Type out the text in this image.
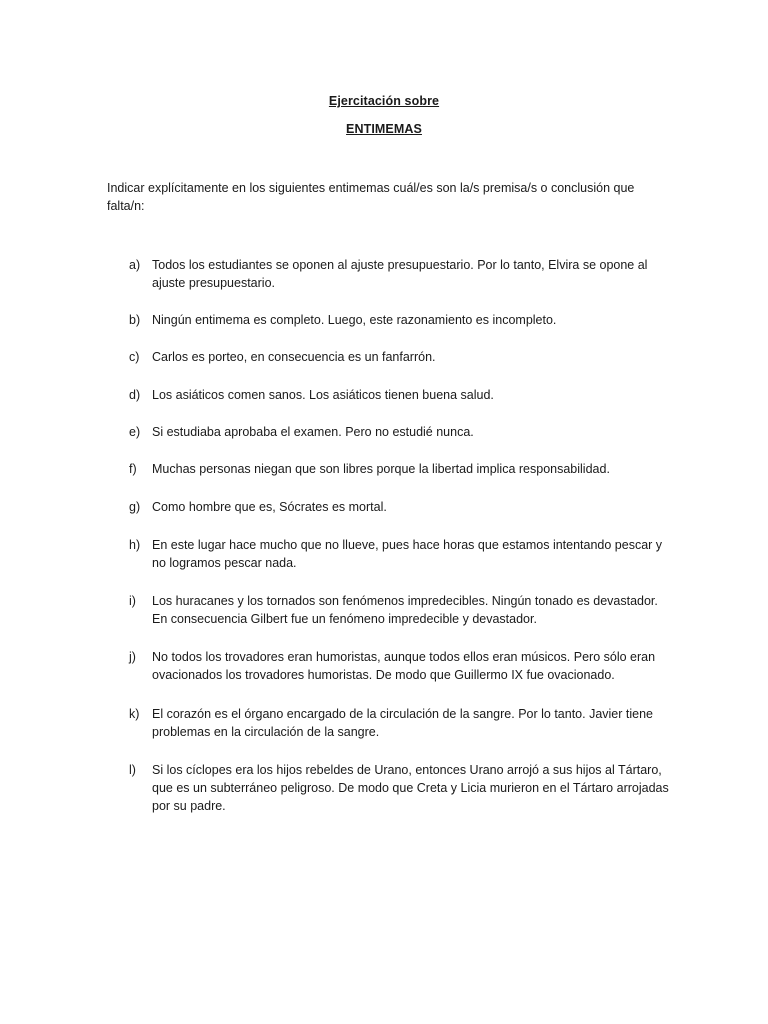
Ejercitación sobre
ENTIMEMAS
Indicar explícitamente en los siguientes entimemas cuál/es son la/s premisa/s o conclusión que falta/n:
a) Todos los estudiantes se oponen al ajuste presupuestario. Por lo tanto, Elvira se opone al ajuste presupuestario.
b) Ningún entimema es completo. Luego, este razonamiento es incompleto.
c)	Carlos es porteo, en consecuencia es un fanfarrón.
d) Los asiáticos comen sanos. Los asiáticos tienen buena salud.
e) Si estudiaba aprobaba el examen. Pero no estudié nunca.
f)	Muchas personas niegan que son libres porque la libertad implica responsabilidad.
g) Como hombre que es, Sócrates es mortal.
h) En este lugar hace mucho que no llueve, pues hace horas que estamos intentando pescar y no logramos pescar nada.
i)	Los huracanes y los tornados son fenómenos impredecibles. Ningún tonado es devastador. En consecuencia Gilbert fue un fenómeno impredecible y devastador.
j)	No todos los trovadores eran humoristas, aunque todos ellos eran músicos. Pero sólo eran ovacionados los trovadores humoristas. De modo que Guillermo IX fue ovacionado.
k)	El corazón es el órgano encargado de la circulación de la sangre. Por lo tanto. Javier tiene problemas en la circulación de la sangre.
l)	Si los cíclopes era los hijos rebeldes de Urano, entonces Urano arrojó a sus hijos al Tártaro, que es un subterráneo peligroso. De modo que Creta y Licia murieron en el Tártaro arrojadas por su padre.
